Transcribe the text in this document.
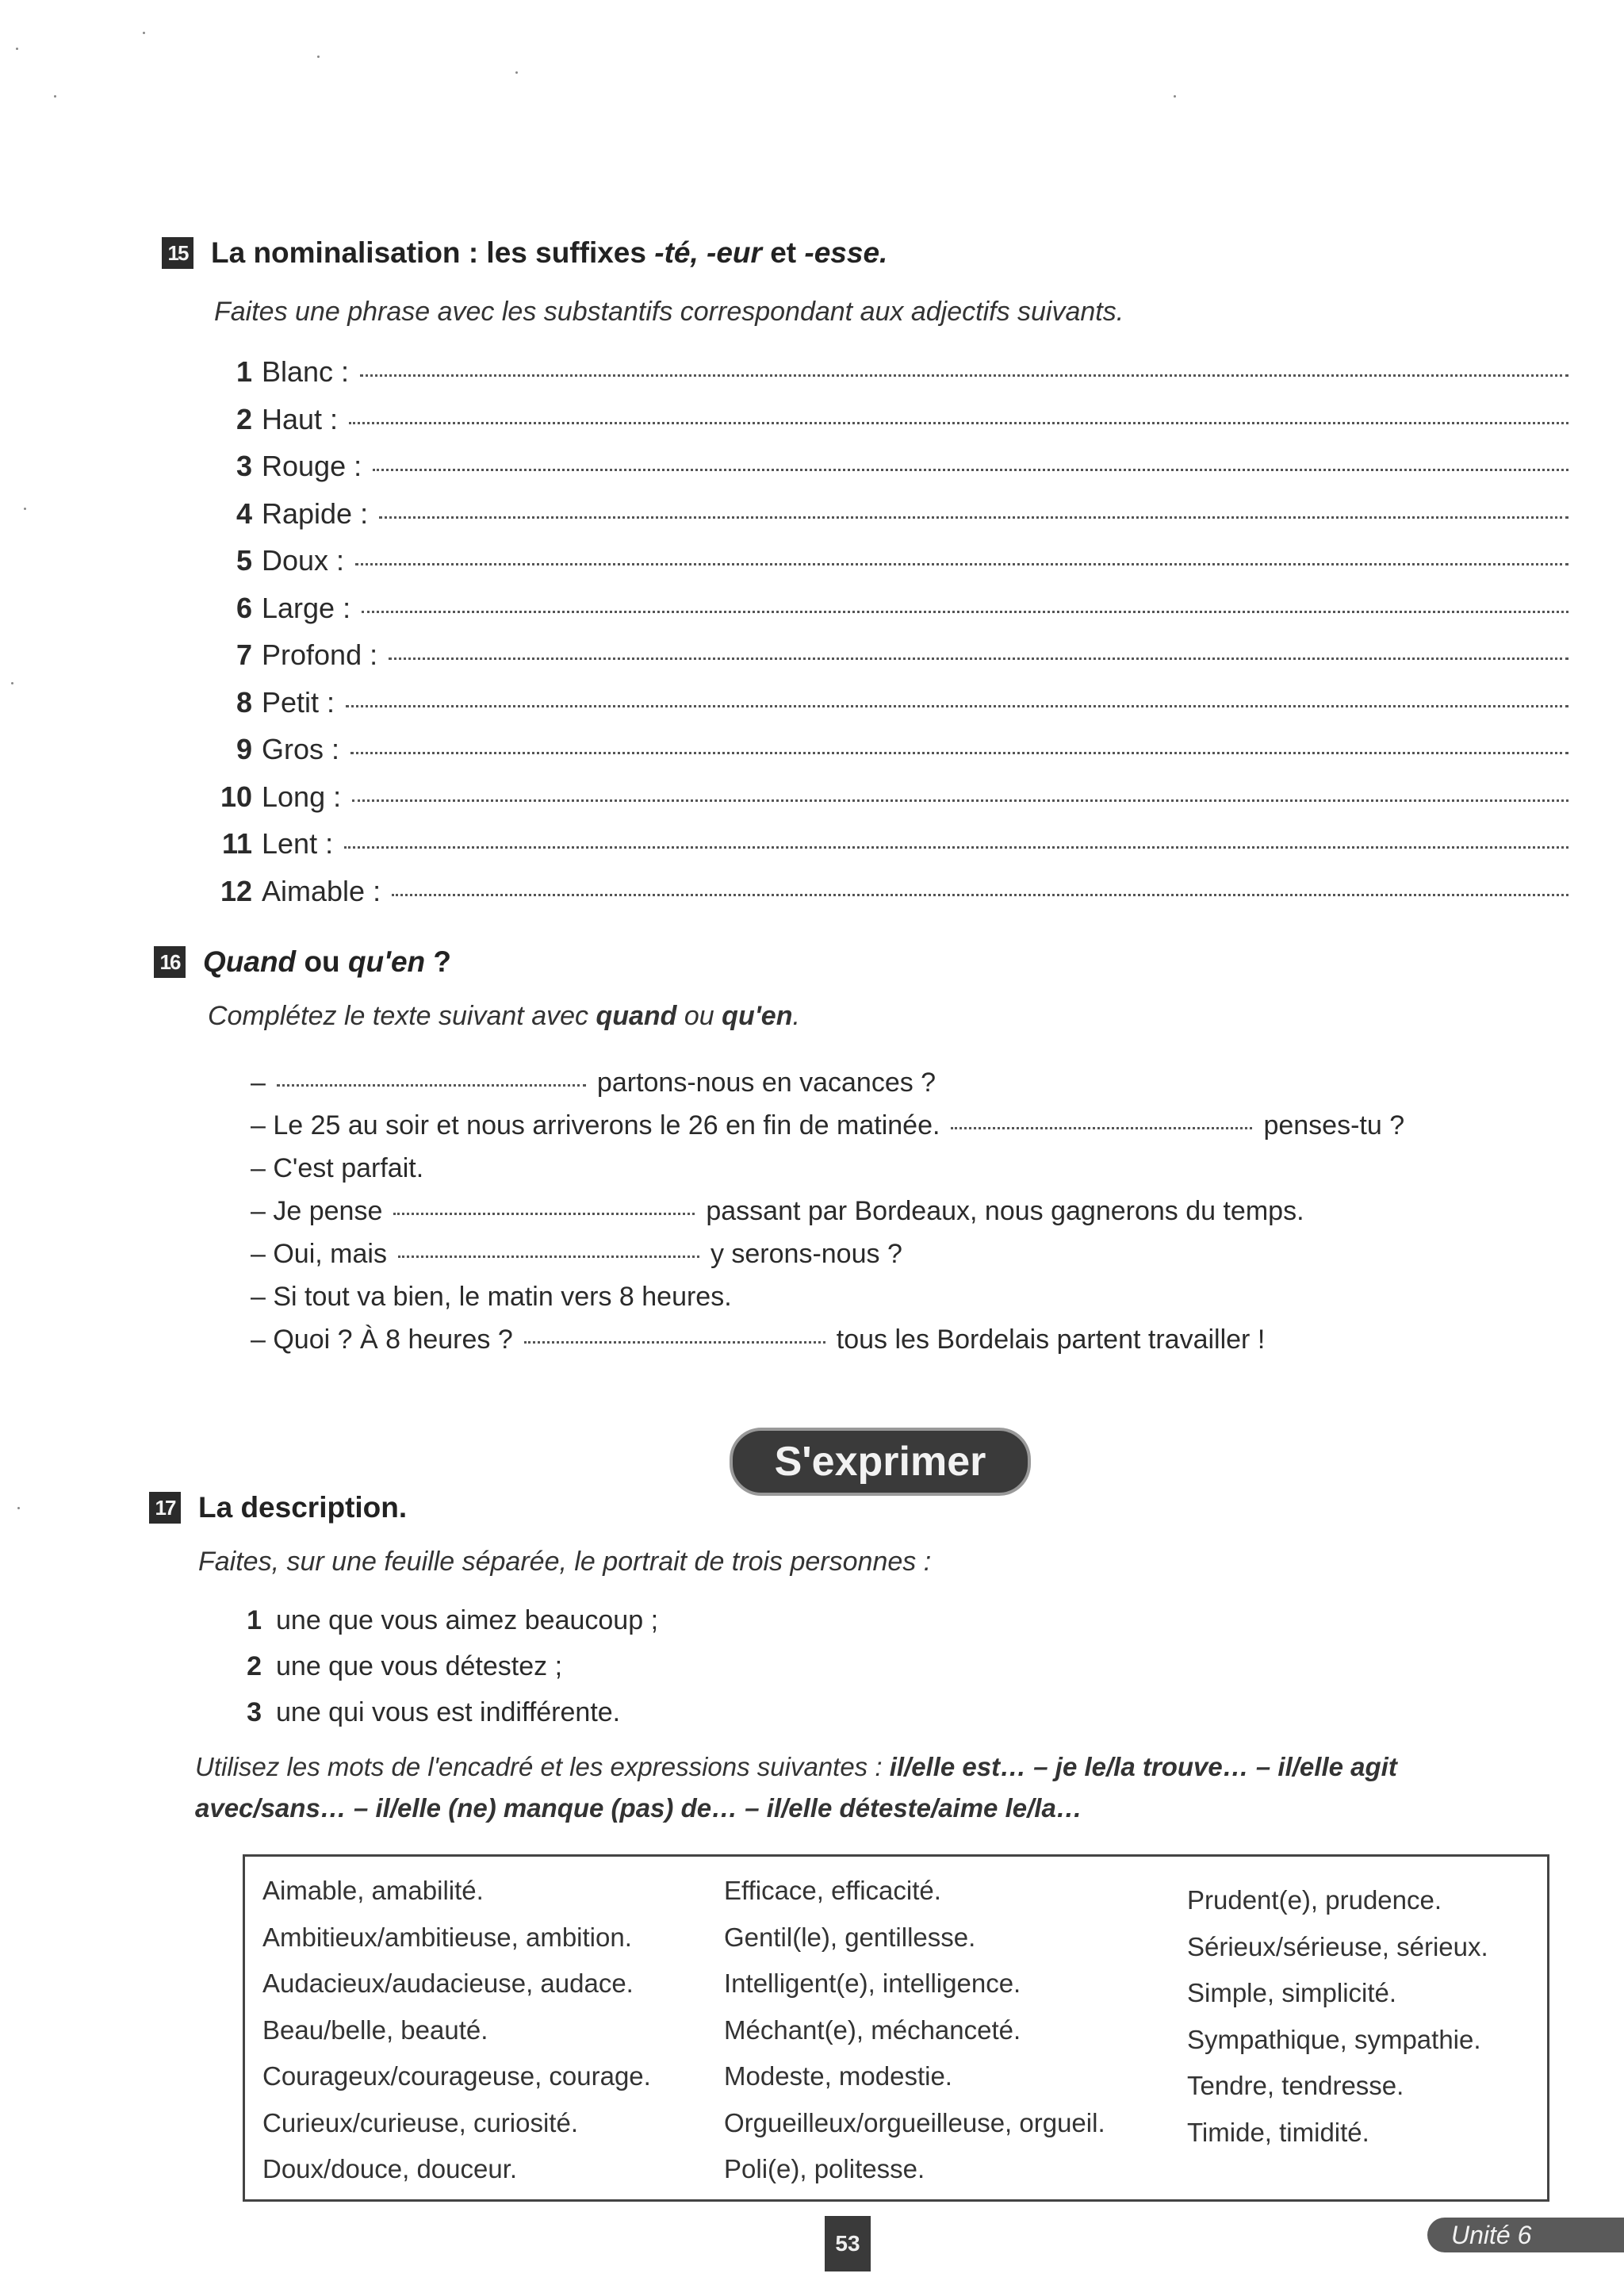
15 La nominalisation : les suffixes -té, -eur et -esse.
Faites une phrase avec les substantifs correspondant aux adjectifs suivants.
1 Blanc :
2 Haut :
3 Rouge :
4 Rapide :
5 Doux :
6 Large :
7 Profond :
8 Petit :
9 Gros :
10 Long :
11 Lent :
12 Aimable :
16 Quand ou qu'en ?
Complétez le texte suivant avec quand ou qu'en.
–	partons-nous en vacances ?
– Le 25 au soir et nous arriverons le 26 en fin de matinée.	penses-tu ?
– C'est parfait.
– Je pense	passant par Bordeaux, nous gagnerons du temps.
– Oui, mais	y serons-nous ?
– Si tout va bien, le matin vers 8 heures.
– Quoi ? À 8 heures ?	tous les Bordelais partent travailler !
S'exprimer
17 La description.
Faites, sur une feuille séparée, le portrait de trois personnes :
1 une que vous aimez beaucoup ;
2 une que vous détestez ;
3 une qui vous est indifférente.
Utilisez les mots de l'encadré et les expressions suivantes : il/elle est… – je le/la trouve… – il/elle agit avec/sans… – il/elle (ne) manque (pas) de… – il/elle déteste/aime le/la…
Aimable, amabilité.
Ambitieux/ambitieuse, ambition.
Audacieux/audacieuse, audace.
Beau/belle, beauté.
Courageux/courageuse, courage.
Curieux/curieuse, curiosité.
Doux/douce, douceur.
Efficace, efficacité.
Gentil(le), gentillesse.
Intelligent(e), intelligence.
Méchant(e), méchanceté.
Modeste, modestie.
Orgueilleux/orgueilleuse, orgueil.
Poli(e), politesse.
Prudent(e), prudence.
Sérieux/sérieuse, sérieux.
Simple, simplicité.
Sympathique, sympathie.
Tendre, tendresse.
Timide, timidité.
53	Unité 6
